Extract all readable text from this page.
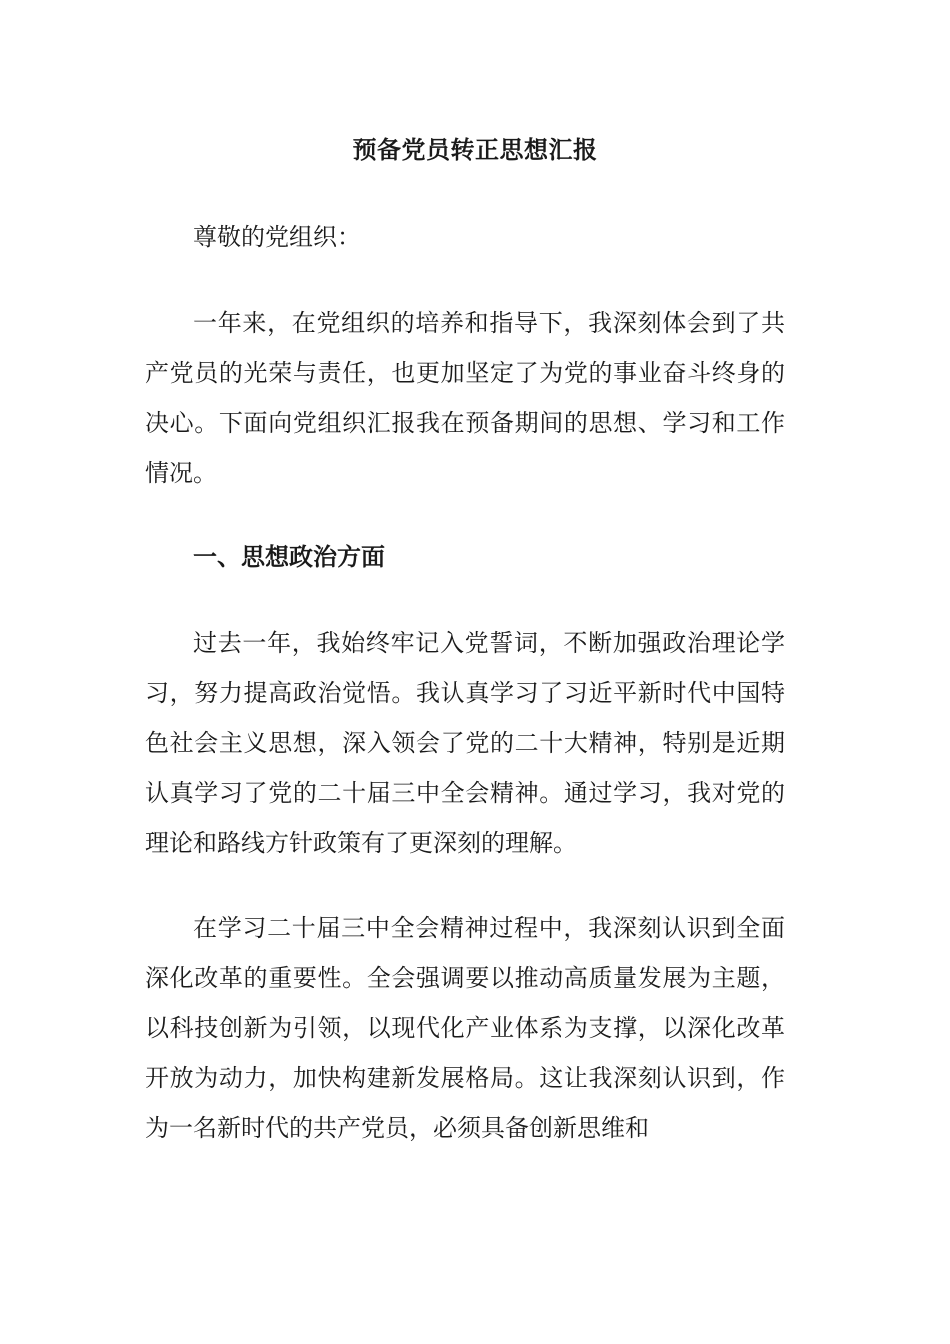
预备党员转正思想汇报

尊敬的党组织：

一年来，在党组织的培养和指导下，我深刻体会到了共产党员的光荣与责任，也更加坚定了为党的事业奋斗终身的决心。下面向党组织汇报我在预备期间的思想、学习和工作情况。

一、思想政治方面

过去一年，我始终牢记入党誓词，不断加强政治理论学习，努力提高政治觉悟。我认真学习了习近平新时代中国特色社会主义思想，深入领会了党的二十大精神，特别是近期认真学习了党的二十届三中全会精神。通过学习，我对党的理论和路线方针政策有了更深刻的理解。

在学习二十届三中全会精神过程中，我深刻认识到全面深化改革的重要性。全会强调要以推动高质量发展为主题，以科技创新为引领，以现代化产业体系为支撑，以深化改革开放为动力，加快构建新发展格局。这让我深刻认识到，作为一名新时代的共产党员，必须具备创新思维和
